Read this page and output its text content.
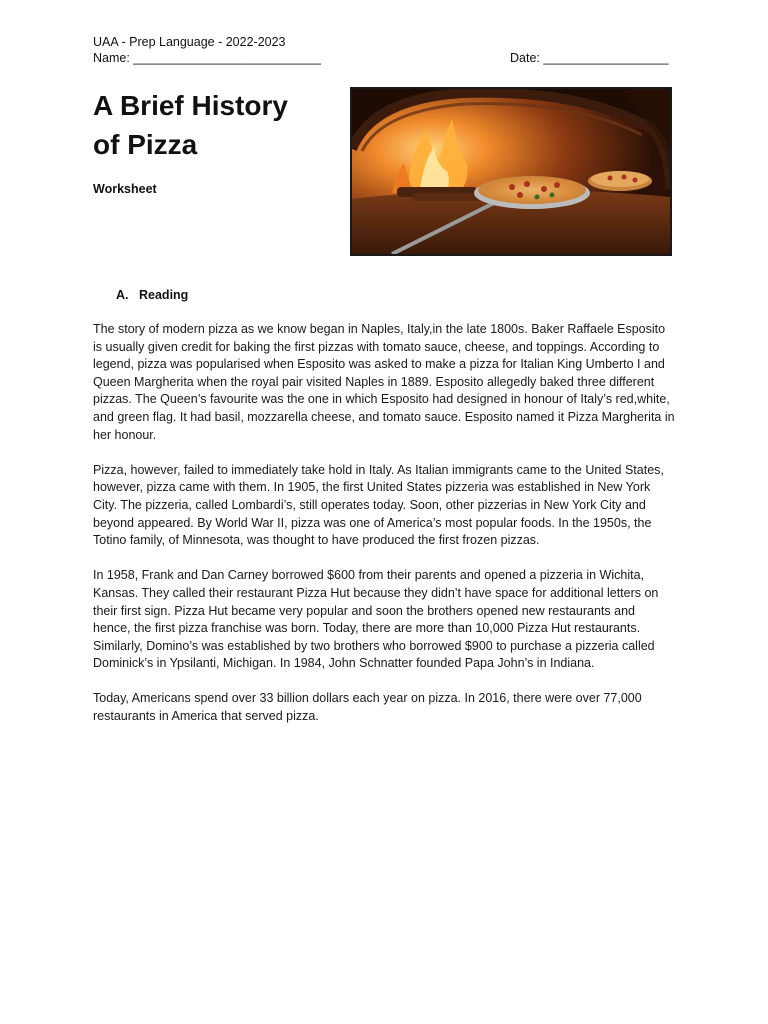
UAA - Prep Language - 2022-2023
Name: ___________________________	Date: __________________
A Brief History
of Pizza
Worksheet
A. Reading

The story of modern pizza as we know began in Naples, Italy,in the late 1800s. Baker Raffaele Esposito is usually given credit for baking the first pizzas with tomato sauce, cheese, and toppings. According to legend, pizza was popularised when Esposito was asked to make a pizza for Italian King Umberto I and Queen Margherita when the royal pair visited Naples in 1889. Esposito allegedly baked three different pizzas. The Queen’s favourite was the one in which Esposito had designed in honour of Italy’s red,white, and green flag. It had basil, mozzarella cheese, and tomato sauce. Esposito named it Pizza Margherita in her honour.

Pizza, however, failed to immediately take hold in Italy. As Italian immigrants came to the United States, however, pizza came with them. In 1905, the first United States pizzeria was established in New York City. The pizzeria, called Lombardi’s, still operates today. Soon, other pizzerias in New York City and beyond appeared. By World War II, pizza was one of America’s most popular foods. In the 1950s, the Totino family, of Minnesota, was thought to have produced the first frozen pizzas.

In 1958, Frank and Dan Carney borrowed $600 from their parents and opened a pizzeria in Wichita, Kansas. They called their restaurant Pizza Hut because they didn’t have space for additional letters on their first sign. Pizza Hut became very popular and soon the brothers opened new restaurants and hence, the first pizza franchise was born. Today, there are more than 10,000 Pizza Hut restaurants. Similarly, Domino’s was established by two brothers who borrowed $900 to purchase a pizzeria called Dominick’s in Ypsilanti, Michigan. In 1984, John Schnatter founded Papa John’s in Indiana.

Today, Americans spend over 33 billion dollars each year on pizza. In 2016, there were over 77,000 restaurants in America that served pizza.
